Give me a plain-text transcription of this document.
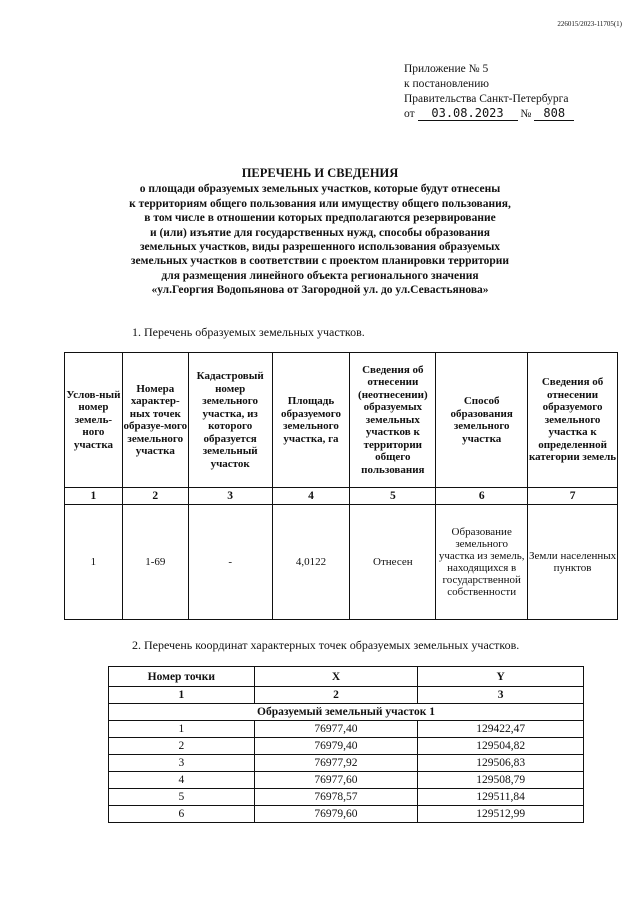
226015/2023-11705(1)
Приложение № 5
к постановлению
Правительства Санкт-Петербурга
от 03.08.2023 № 808
ПЕРЕЧЕНЬ И СВЕДЕНИЯ
о площади образуемых земельных участков, которые будут отнесены
к территориям общего пользования или имуществу общего пользования,
в том числе в отношении которых предполагаются резервирование
и (или) изъятие для государственных нужд, способы образования
земельных участков, виды разрешенного использования образуемых
земельных участков в соответствии с проектом планировки территории
для размещения линейного объекта регионального значения
«ул.Георгия Водопьянова от Загородной ул. до ул.Севастьянова»
1. Перечень образуемых земельных участков.
Услов-ный номер земель-ного участка	Номера характер-ных точек образуе-мого земельного участка	Кадастровый номер земельного участка, из которого образуется земельный участок	Площадь образуемого земельного участка, га	Сведения об отнесении (неотнесении) образуемых земельных участков к территории общего пользования	Способ образования земельного участка	Сведения об отнесении образуемого земельного участка к определенной категории земель
1	2	3	4	5	6	7
1	1-69	-	4,0122	Отнесен	Образование земельного участка из земель, находящихся в государственной собственности	Земли населенных пунктов
2. Перечень координат характерных точек образуемых земельных участков.
Номер точки	X	Y
1	2	3
Образуемый земельный участок 1		
1	76977,40	129422,47
2	76979,40	129504,82
3	76977,92	129506,83
4	76977,60	129508,79
5	76978,57	129511,84
6	76979,60	129512,99
